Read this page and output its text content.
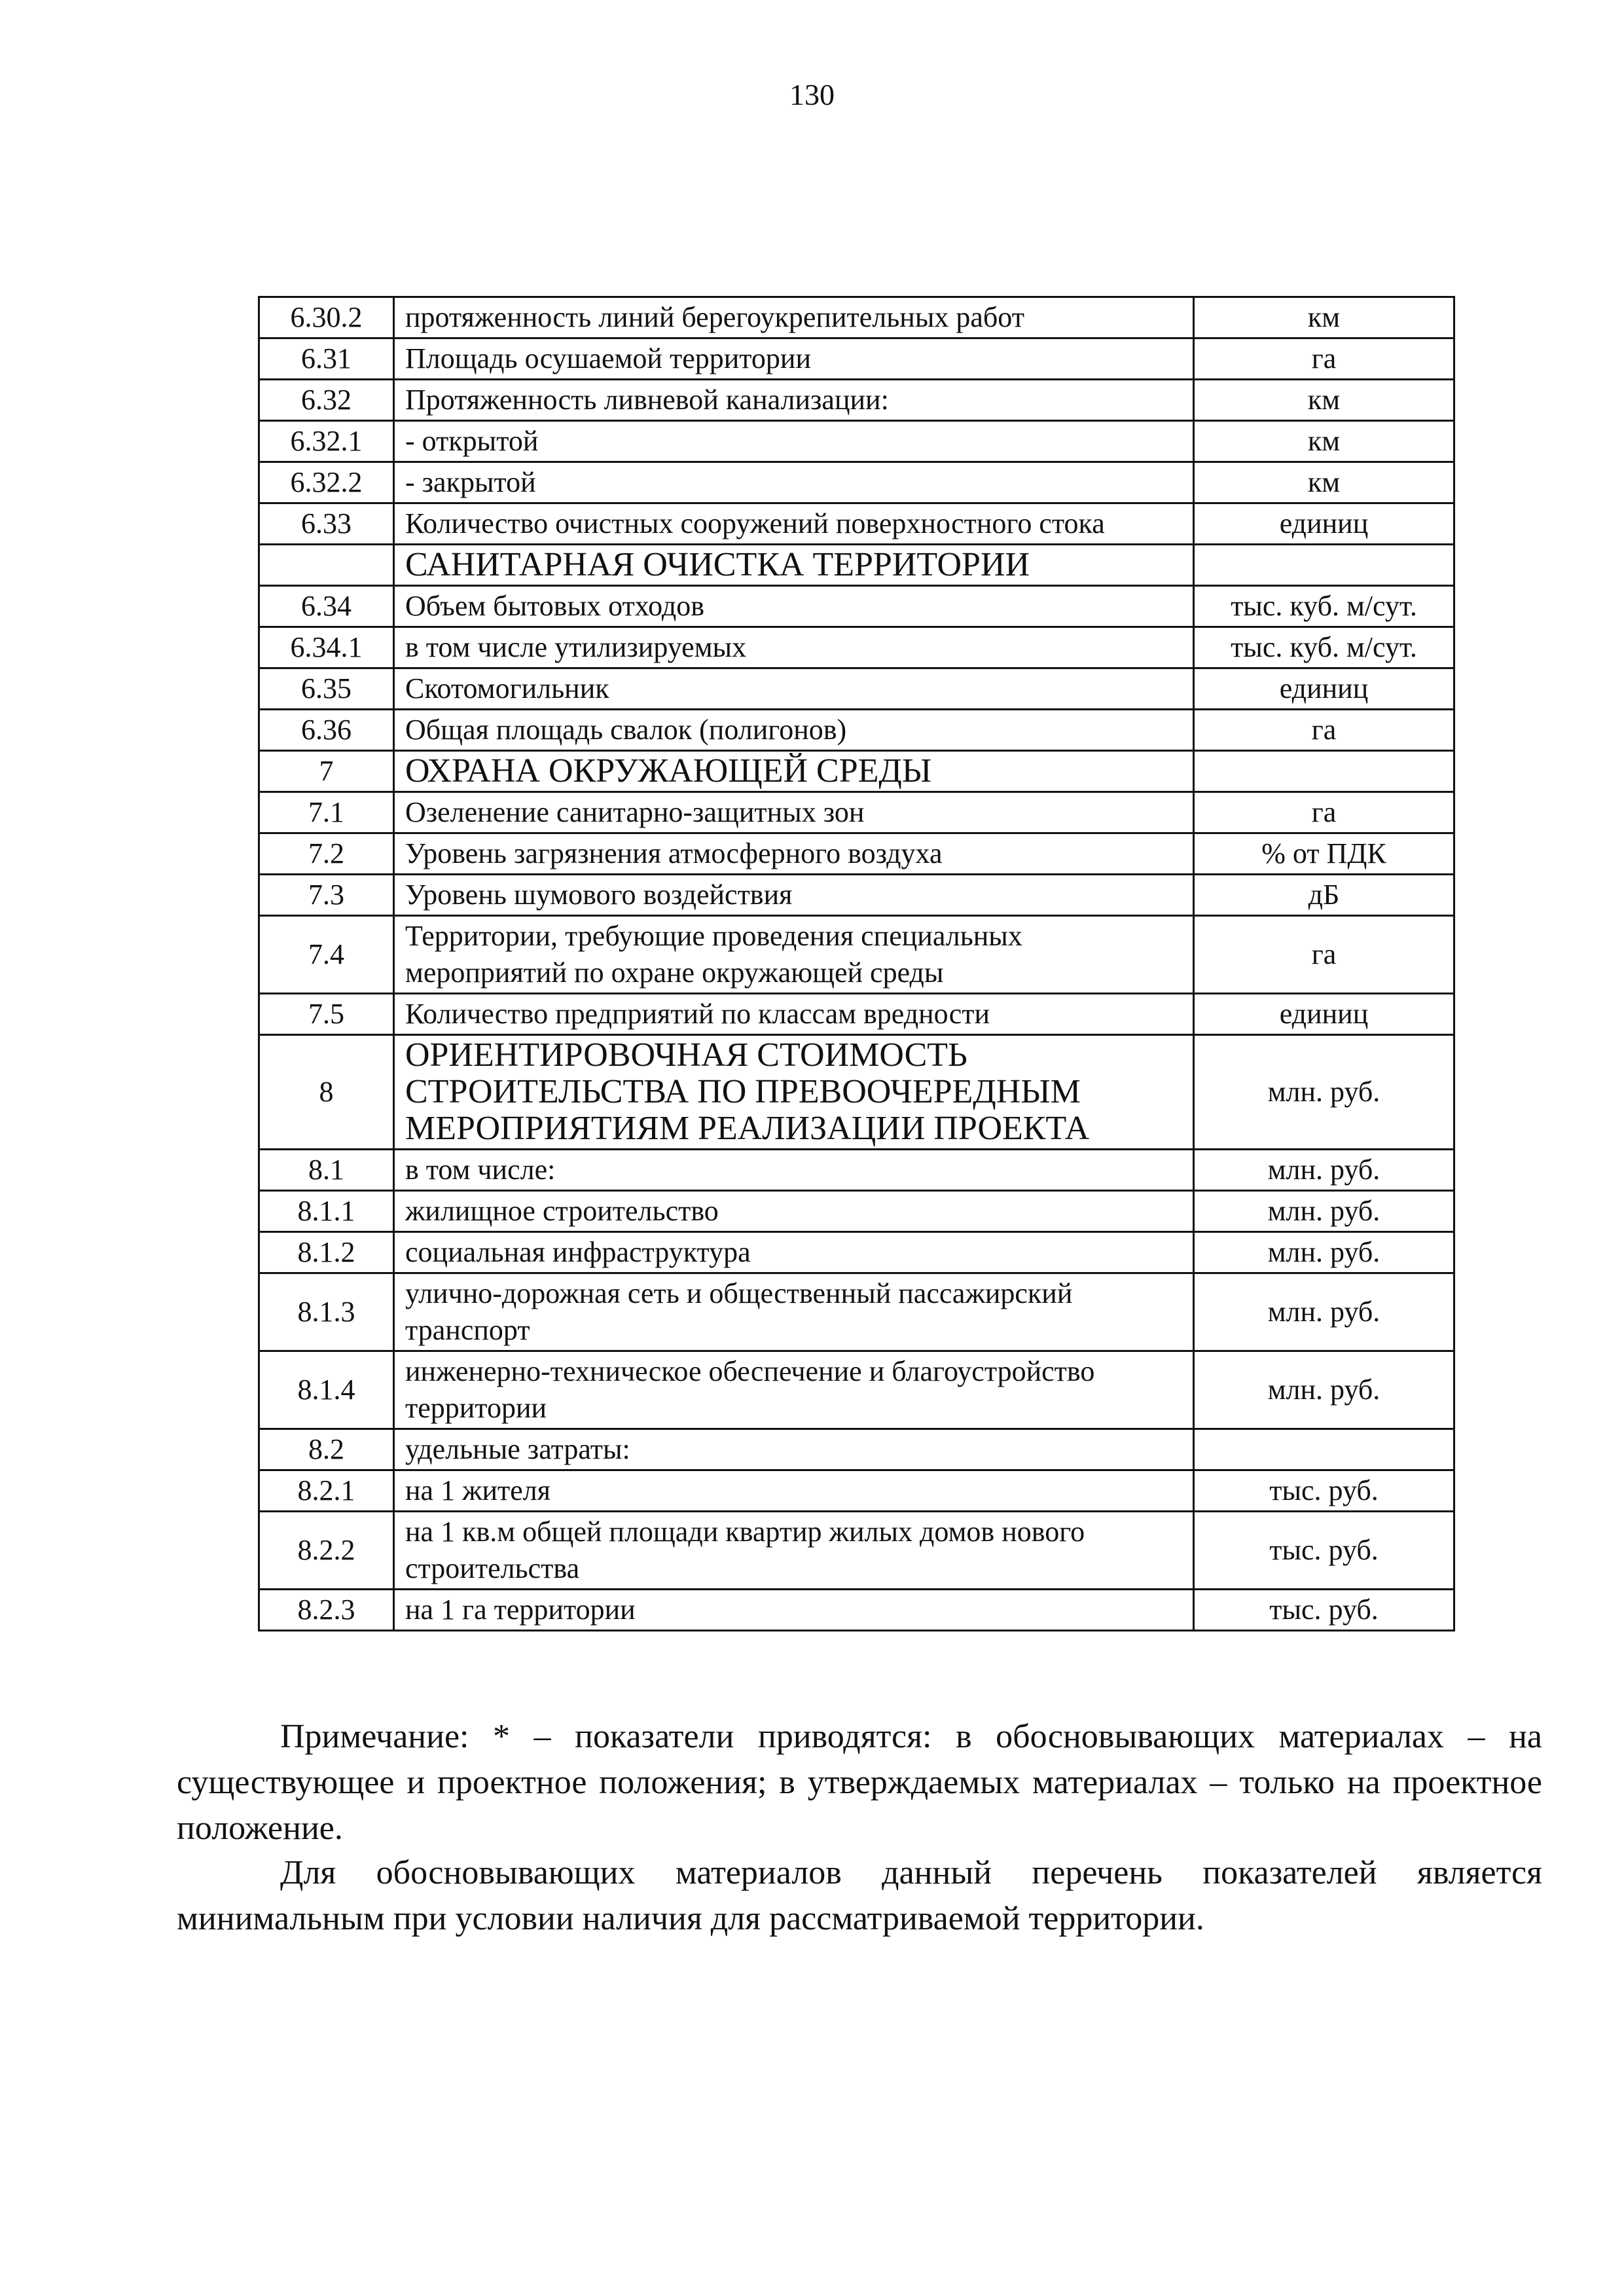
130
6.30.2	протяженность линий берегоукрепительных работ	км
6.31	Площадь осушаемой территории	га
6.32	Протяженность ливневой канализации:	км
6.32.1	- открытой	км
6.32.2	- закрытой	км
6.33	Количество очистных сооружений поверхностного стока	единиц
	САНИТАРНАЯ ОЧИСТКА ТЕРРИТОРИИ	
6.34	Объем бытовых отходов	тыс. куб. м/сут.
6.34.1	в том числе утилизируемых	тыс. куб. м/сут.
6.35	Скотомогильник	единиц
6.36	Общая площадь свалок (полигонов)	га
7	ОХРАНА ОКРУЖАЮЩЕЙ СРЕДЫ	
7.1	Озеленение санитарно-защитных зон	га
7.2	Уровень загрязнения атмосферного воздуха	% от ПДК
7.3	Уровень шумового воздействия	дБ
7.4	Территории, требующие проведения специальных мероприятий по охране окружающей среды	га
7.5	Количество предприятий по классам вредности	единиц
8	ОРИЕНТИРОВОЧНАЯ СТОИМОСТЬ СТРОИТЕЛЬСТВА ПО ПРЕВООЧЕРЕДНЫМ МЕРОПРИЯТИЯМ РЕАЛИЗАЦИИ ПРОЕКТА	млн. руб.
8.1	в том числе:	млн. руб.
8.1.1	жилищное строительство	млн. руб.
8.1.2	социальная инфраструктура	млн. руб.
8.1.3	улично-дорожная сеть и общественный пассажирский транспорт	млн. руб.
8.1.4	инженерно-техническое обеспечение и благоустройство территории	млн. руб.
8.2	удельные затраты:	
8.2.1	на 1 жителя	тыс. руб.
8.2.2	на 1 кв.м общей площади квартир жилых домов нового строительства	тыс. руб.
8.2.3	на 1 га территории	тыс. руб.

Примечание: * – показатели приводятся: в обосновывающих материалах – на существующее и проектное положения; в утверждаемых материалах – только на проектное положение.

Для обосновывающих материалов данный перечень показателей является минимальным при условии наличия для рассматриваемой территории.
